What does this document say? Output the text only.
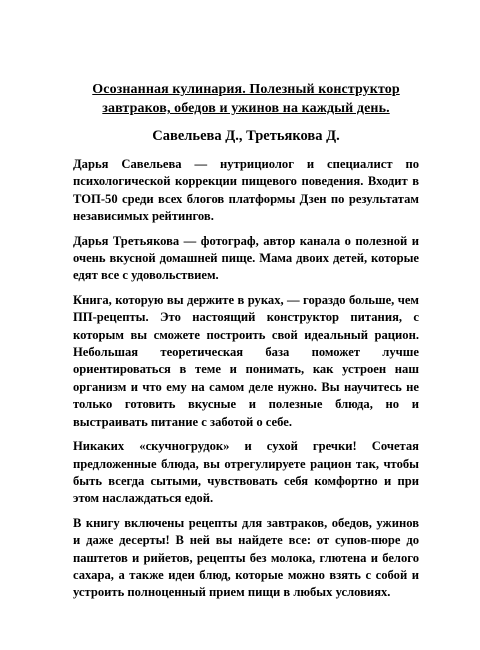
Осознанная кулинария. Полезный конструктор завтраков, обедов и ужинов на каждый день.
Савельева Д., Третьякова Д.
Дарья Савельева — нутрициолог и специалист по психологической коррекции пищевого поведения. Входит в ТОП-50 среди всех блогов платформы Дзен по результатам независимых рейтингов.
Дарья Третьякова — фотограф, автор канала о полезной и очень вкусной домашней пище. Мама двоих детей, которые едят все с удовольствием.
Книга, которую вы держите в руках, — гораздо больше, чем ПП-рецепты. Это настоящий конструктор питания, с которым вы сможете построить свой идеальный рацион. Небольшая теоретическая база поможет лучше ориентироваться в теме и понимать, как устроен наш организм и что ему на самом деле нужно. Вы научитесь не только готовить вкусные и полезные блюда, но и выстраивать питание с заботой о себе.
Никаких «скучногрудок» и сухой гречки! Сочетая предложенные блюда, вы отрегулируете рацион так, чтобы быть всегда сытыми, чувствовать себя комфортно и при этом наслаждаться едой.
В книгу включены рецепты для завтраков, обедов, ужинов и даже десерты! В ней вы найдете все: от супов-пюре до паштетов и рийетов, рецепты без молока, глютена и белого сахара, а также идеи блюд, которые можно взять с собой и устроить полноценный прием пищи в любых условиях.
